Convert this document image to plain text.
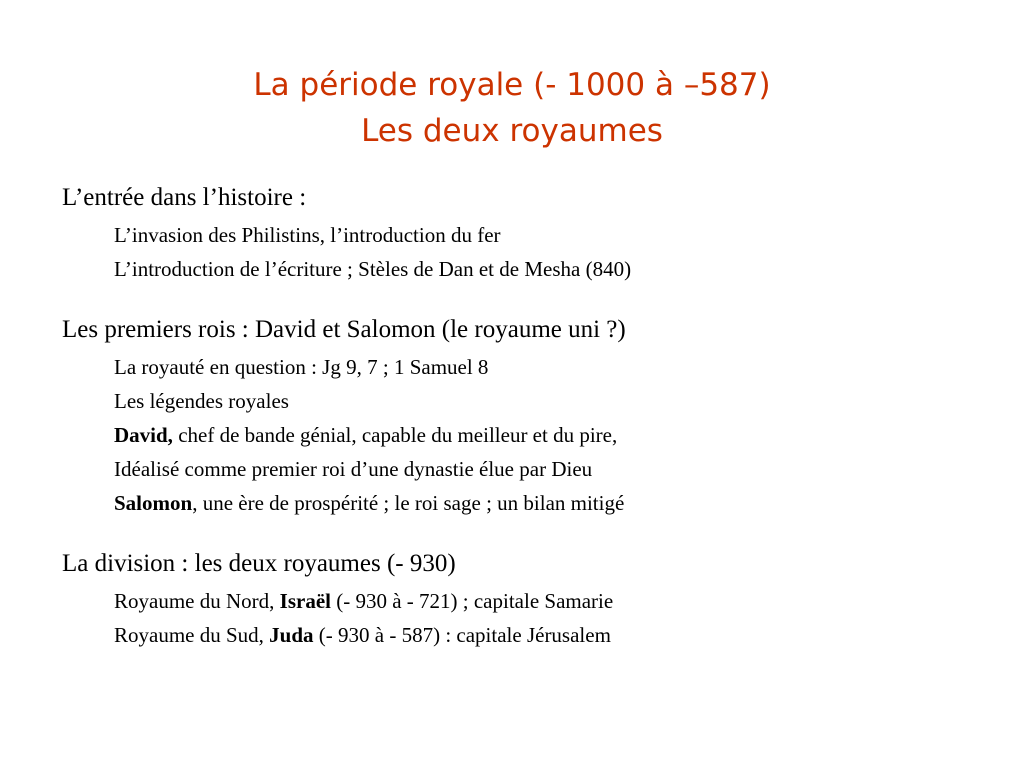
La période royale (- 1000 à –587)
Les deux royaumes
L’entrée dans l’histoire :
L’invasion des Philistins, l’introduction du fer
L’introduction de l’écriture ; Stèles de Dan et de Mesha (840)
Les premiers rois : David et Salomon (le royaume uni ?)
La royauté en question : Jg 9, 7 ; 1 Samuel 8
Les légendes royales
David, chef de bande génial, capable du meilleur et du pire,
Idéalisé comme premier roi d’une dynastie élue par Dieu
Salomon, une ère de prospérité ; le roi sage ; un bilan mitigé
La division : les deux royaumes (- 930)
Royaume du Nord, Israël (- 930 à - 721) ; capitale Samarie
Royaume du Sud, Juda (- 930 à - 587) : capitale Jérusalem
